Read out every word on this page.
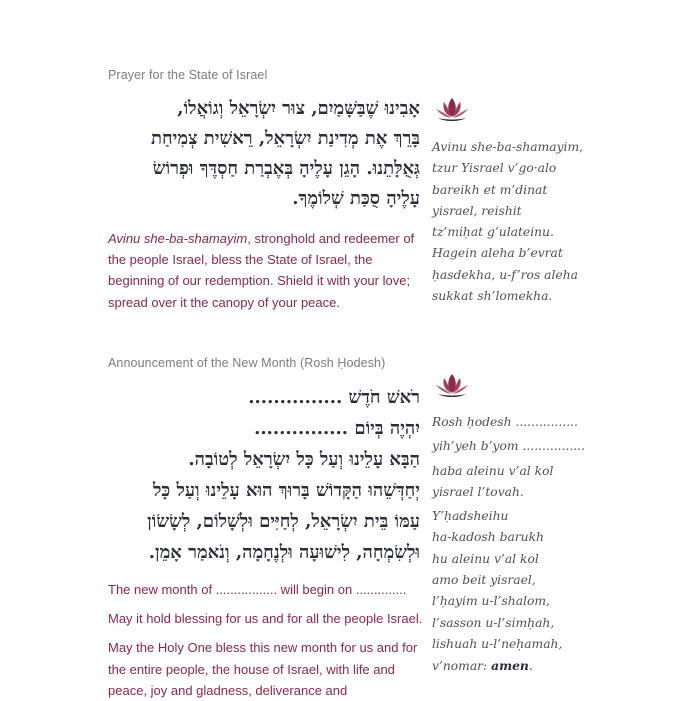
Prayer for the State of Israel
אָבִינוּ שֶׁבַּשָּׁמַיִם, צוּר יִשְׂרָאֵל וְגוֹאֲלוֹ,
בָּרֵךְ אֶת מְדִינַת יִשְׂרָאֵל, רֵאשִׁית צְמִיחַת
גְּאֻלָּתֵנוּ. הָגֵן עָלֶיהָ בְּאֶבְרַת חַסְדֶּךָ וּפְרוֹשׂ
עָלֶיהָ סֻכַּת שְׁלוֹמֶךָ.
Avinu she-ba-shamayim, stronghold and redeemer of the people Israel, bless the State of Israel, the beginning of our redemption. Shield it with your love; spread over it the canopy of your peace.
Avinu she-ba-shamayim,
tzur Yisrael v’go·alo
bareikh et m’dinat
yisrael, reishit
tz’miḥat g’ulateinu.
Hagein aleha b’evrat
ḥasdekha, u-f’ros aleha
sukkat sh’lomekha.
Announcement of the New Month (Rosh Ḥodesh)
רֹאשׁ חֹדֶשׁ ...............
יִהְיֶה בְּיוֹם ...............
הַבָּא עָלֵינוּ וְעַל כָּל יִשְׂרָאֵל לְטוֹבָה.
יְחַדְּשֵׁהוּ הַקָּדוֹשׁ בָּרוּךְ הוּא עָלֵינוּ וְעַל כָּל
עַמּוֹ בֵּית יִשְׂרָאֵל, לְחַיִּים וּלְשָׁלוֹם, לְשָׂשׂוֹן
וּלְשִׂמְחָה, לִישׁוּעָה וּלְנֶחָמָה, וְנֹאמַר אָמֵן.

The new month of ................. will begin on ..............

May it hold blessing for us and for all the people Israel.

May the Holy One bless this new month for us and for the entire people, the house of Israel, with life and peace, joy and gladness, deliverance and

Rosh ḥodesh ................
yih’yeh b’yom ................
haba aleinu v’al kol
yisrael l’tovah.
Y’ḥadsheihu
ha-kadosh barukh
hu aleinu v’al kol
amo beit yisrael,
l’ḥayim u-l’shalom,
l’sasson u-l’simḥah,
lishuah u-l’neḥamah,
v’nomar: amen.
